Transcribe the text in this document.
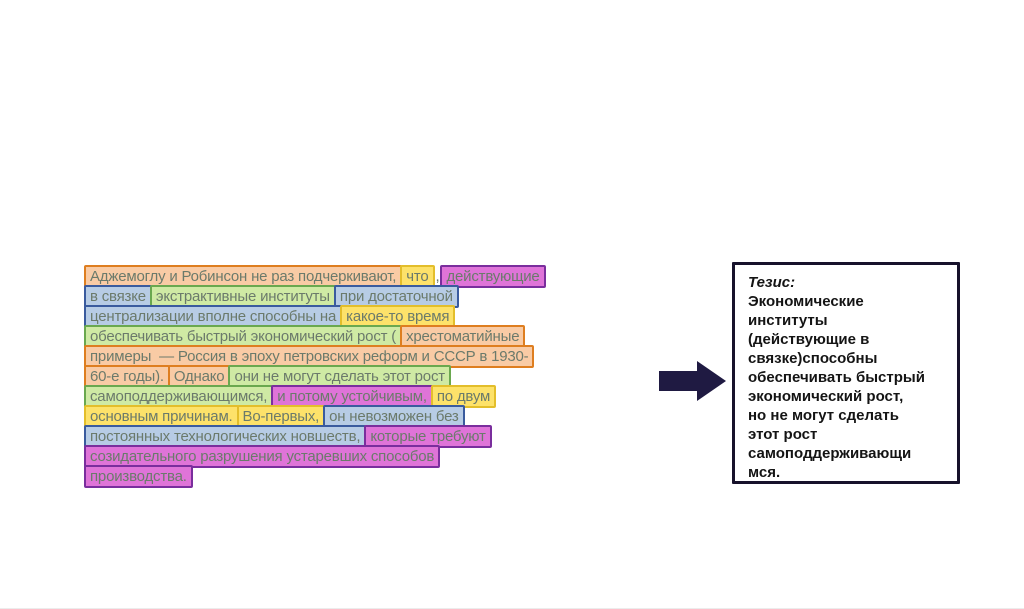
Аджемоглу и Робинсон не раз подчеркивают, что , действующие
в связке экстрактивные институты при достаточной
централизации вполне способны на какое-то время
обеспечивать быстрый экономический рост ( хрестоматийные
примеры  — Россия в эпоху петровских реформ и СССР в 1930-
60-е годы). Однако они не могут сделать этот рост
самоподдерживающимся, и потому устойчивым, по двум
основным причинам. Во-первых, он невозможен без
постоянных технологических новшеств, которые требуют
созидательного разрушения устаревших способов
производства.
Тезис:
Экономические
институты
(действующие в
связке)способны
обеспечивать быстрый
экономический рост,
но не могут сделать
этот рост
самоподдерживающи
мся.
